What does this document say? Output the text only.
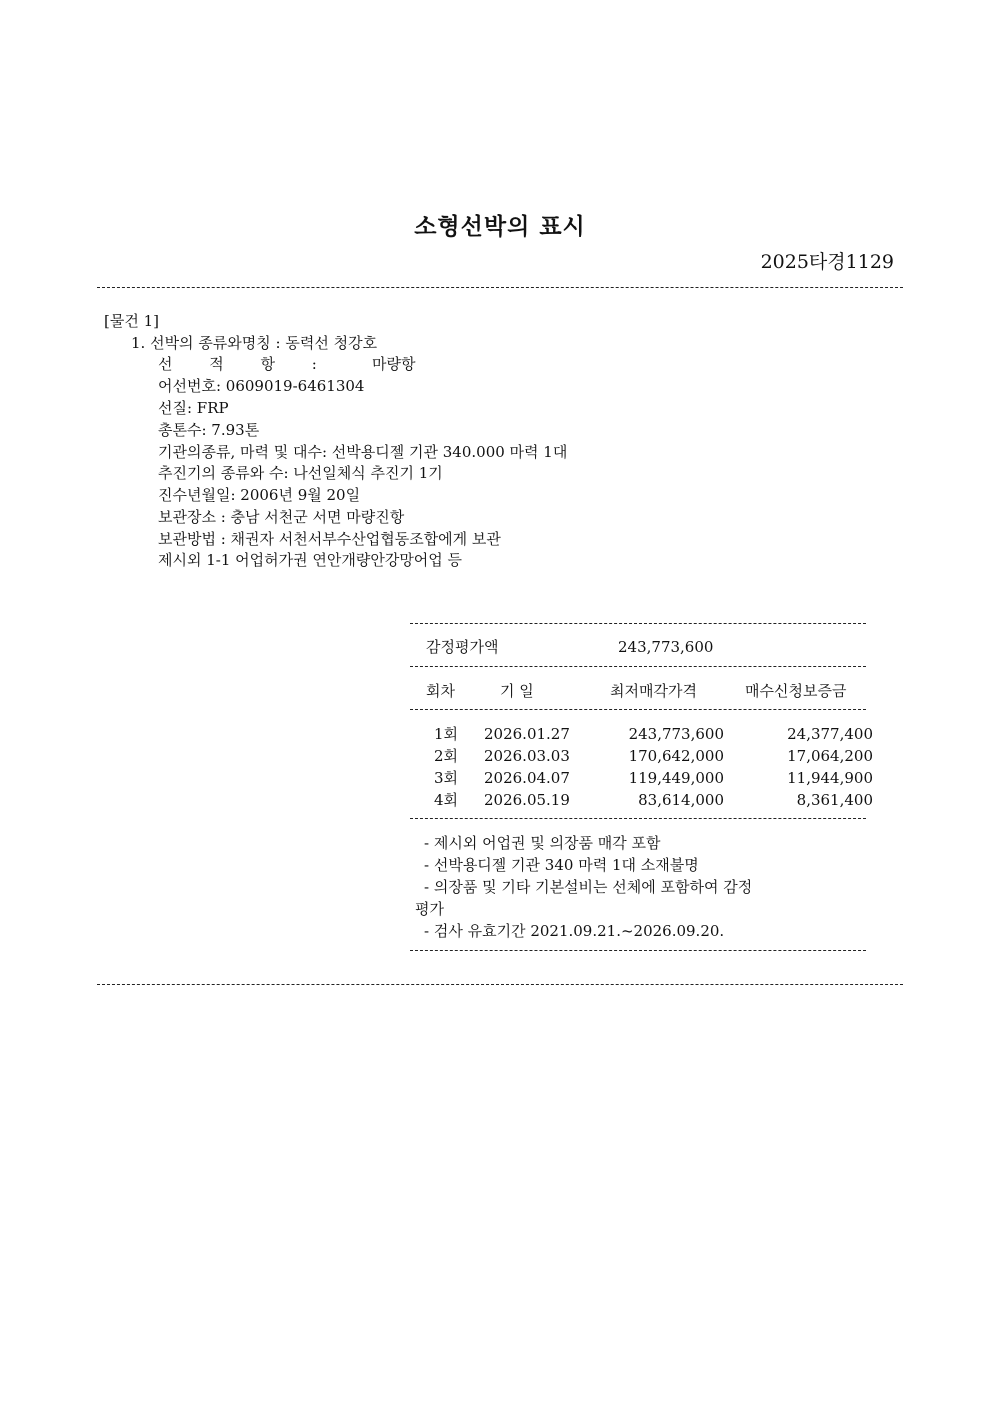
소형선박의 표시
2025타경1129
[물건 1]
1. 선박의 종류와명칭 : 동력선 청강호
선 적 항 :	마량항
어선번호: 0609019-6461304
선질: FRP
총톤수: 7.93톤
기관의종류, 마력 및 대수: 선박용디젤 기관 340.000 마력 1대
추진기의 종류와 수: 나선일체식 추진기 1기
진수년월일: 2006년 9월 20일
보관장소 : 충남 서천군 서면 마량진항
보관방법 : 채권자 서천서부수산업협동조합에게 보관
제시외 1-1 어업허가권 연안개량안강망어업 등
감정평가액	243,773,600
회차	기 일	최저매각가격	매수신청보증금
1회 2026.01.27	243,773,600	24,377,400
2회 2026.03.03	170,642,000	17,064,200
3회 2026.04.07	119,449,000	11,944,900
4회 2026.05.19	83,614,000	8,361,400
- 제시외 어업권 및 의장품 매각 포함
- 선박용디젤 기관 340 마력 1대 소재불명
- 의장품 및 기타 기본설비는 선체에 포함하여 감정
평가
- 검사 유효기간 2021.09.21.~2026.09.20.
